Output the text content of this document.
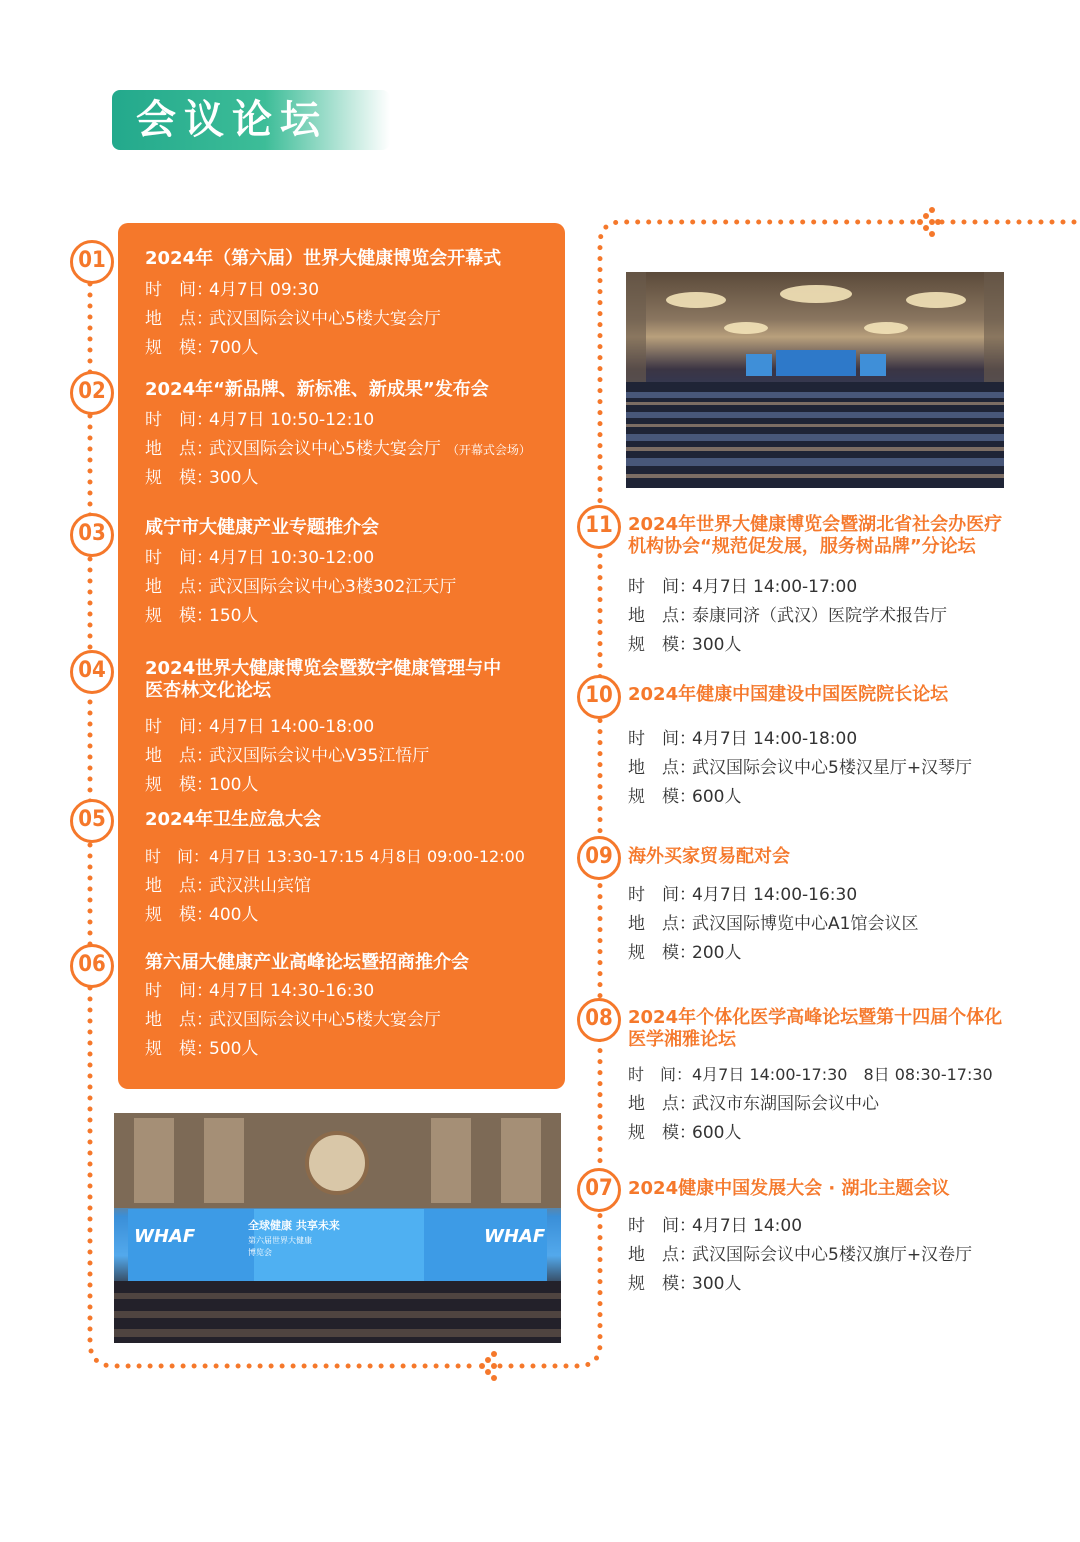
会议论坛
01
02
03
04
05
06
2024年（第六届）世界大健康博览会开幕式
时　间：4月7日 09:30
地　点：武汉国际会议中心5楼大宴会厅
规　模：700人
2024年“新品牌、新标准、新成果”发布会
时　间：4月7日 10:50-12:10
地　点：武汉国际会议中心5楼大宴会厅 （开幕式会场）
规　模：300人
咸宁市大健康产业专题推介会
时　间：4月7日 10:30-12:00
地　点：武汉国际会议中心3楼302江天厅
规　模：150人
2024世界大健康博览会暨数字健康管理与中医杏林文化论坛
时　间：4月7日 14:00-18:00
地　点：武汉国际会议中心V35江悟厅
规　模：100人
2024年卫生应急大会
时　间：4月7日 13:30-17:15 4月8日 09:00-12:00
地　点：武汉洪山宾馆
规　模：400人
第六届大健康产业高峰论坛暨招商推介会
时　间：4月7日 14:30-16:30
地　点：武汉国际会议中心5楼大宴会厅
规　模：500人
WHAF	WHAF
全球健康 共享未来
第六届世界大健康
博览会
11
10
09
08
07
2024年世界大健康博览会暨湖北省社会办医疗机构协会“规范促发展，服务树品牌”分论坛
时　间：4月7日 14:00-17:00
地　点：泰康同济（武汉）医院学术报告厅
规　模：300人
2024年健康中国建设中国医院院长论坛
时　间：4月7日 14:00-18:00
地　点：武汉国际会议中心5楼汉星厅+汉琴厅
规　模：600人
海外买家贸易配对会
时　间：4月7日 14:00-16:30
地　点：武汉国际博览中心A1馆会议区
规　模：200人
2024年个体化医学高峰论坛暨第十四届个体化医学湘雅论坛
时　间：4月7日 14:00-17:30　8日 08:30-17:30
地　点：武汉市东湖国际会议中心
规　模：600人
2024健康中国发展大会 · 湖北主题会议
时　间：4月7日 14:00
地　点：武汉国际会议中心5楼汉旗厅+汉卷厅
规　模：300人
